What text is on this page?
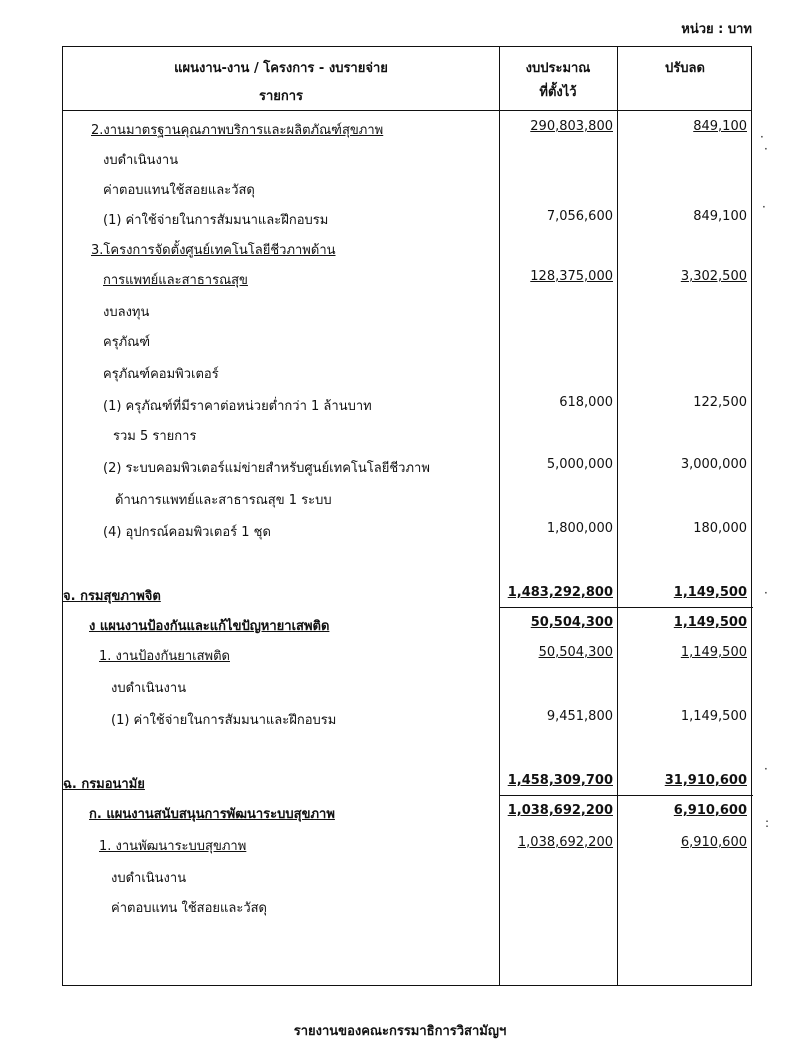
หน่วย : บาท
แผนงาน-งาน / โครงการ - งบรายจ่าย
รายการ
งบประมาณ
ที่ตั้งไว้
ปรับลด
2.งานมาตรฐานคุณภาพบริการและผลิตภัณฑ์สุขภาพ	290,803,800	849,100
งบดำเนินงาน
ค่าตอบแทนใช้สอยและวัสดุ
(1) ค่าใช้จ่ายในการสัมมนาและฝึกอบรม	7,056,600	849,100
3.โครงการจัดตั้งศูนย์เทคโนโลยีชีวภาพด้าน
การแพทย์และสาธารณสุข	128,375,000	3,302,500
งบลงทุน
ครุภัณฑ์
ครุภัณฑ์คอมพิวเตอร์
(1) ครุภัณฑ์ที่มีราคาต่อหน่วยต่ำกว่า 1 ล้านบาท	618,000	122,500
รวม 5 รายการ
(2) ระบบคอมพิวเตอร์แม่ข่ายสำหรับศูนย์เทคโนโลยีชีวภาพ	5,000,000	3,000,000
ด้านการแพทย์และสาธารณสุข 1 ระบบ
(4) อุปกรณ์คอมพิวเตอร์ 1 ชุด	1,800,000	180,000
จ. กรมสุขภาพจิต	1,483,292,800	1,149,500
ง แผนงานป้องกันและแก้ไขปัญหายาเสพติด	50,504,300	1,149,500
1. งานป้องกันยาเสพติด	50,504,300	1,149,500
งบดำเนินงาน
(1) ค่าใช้จ่ายในการสัมมนาและฝึกอบรม	9,451,800	1,149,500
ฉ. กรมอนามัย	1,458,309,700	31,910,600
ก. แผนงานสนับสนุนการพัฒนาระบบสุขภาพ	1,038,692,200	6,910,600
1. งานพัฒนาระบบสุขภาพ	1,038,692,200	6,910,600
งบดำเนินงาน
ค่าตอบแทน ใช้สอยและวัสดุ
·
·
·
·
·
:
รายงานของคณะกรรมาธิการวิสามัญฯ
